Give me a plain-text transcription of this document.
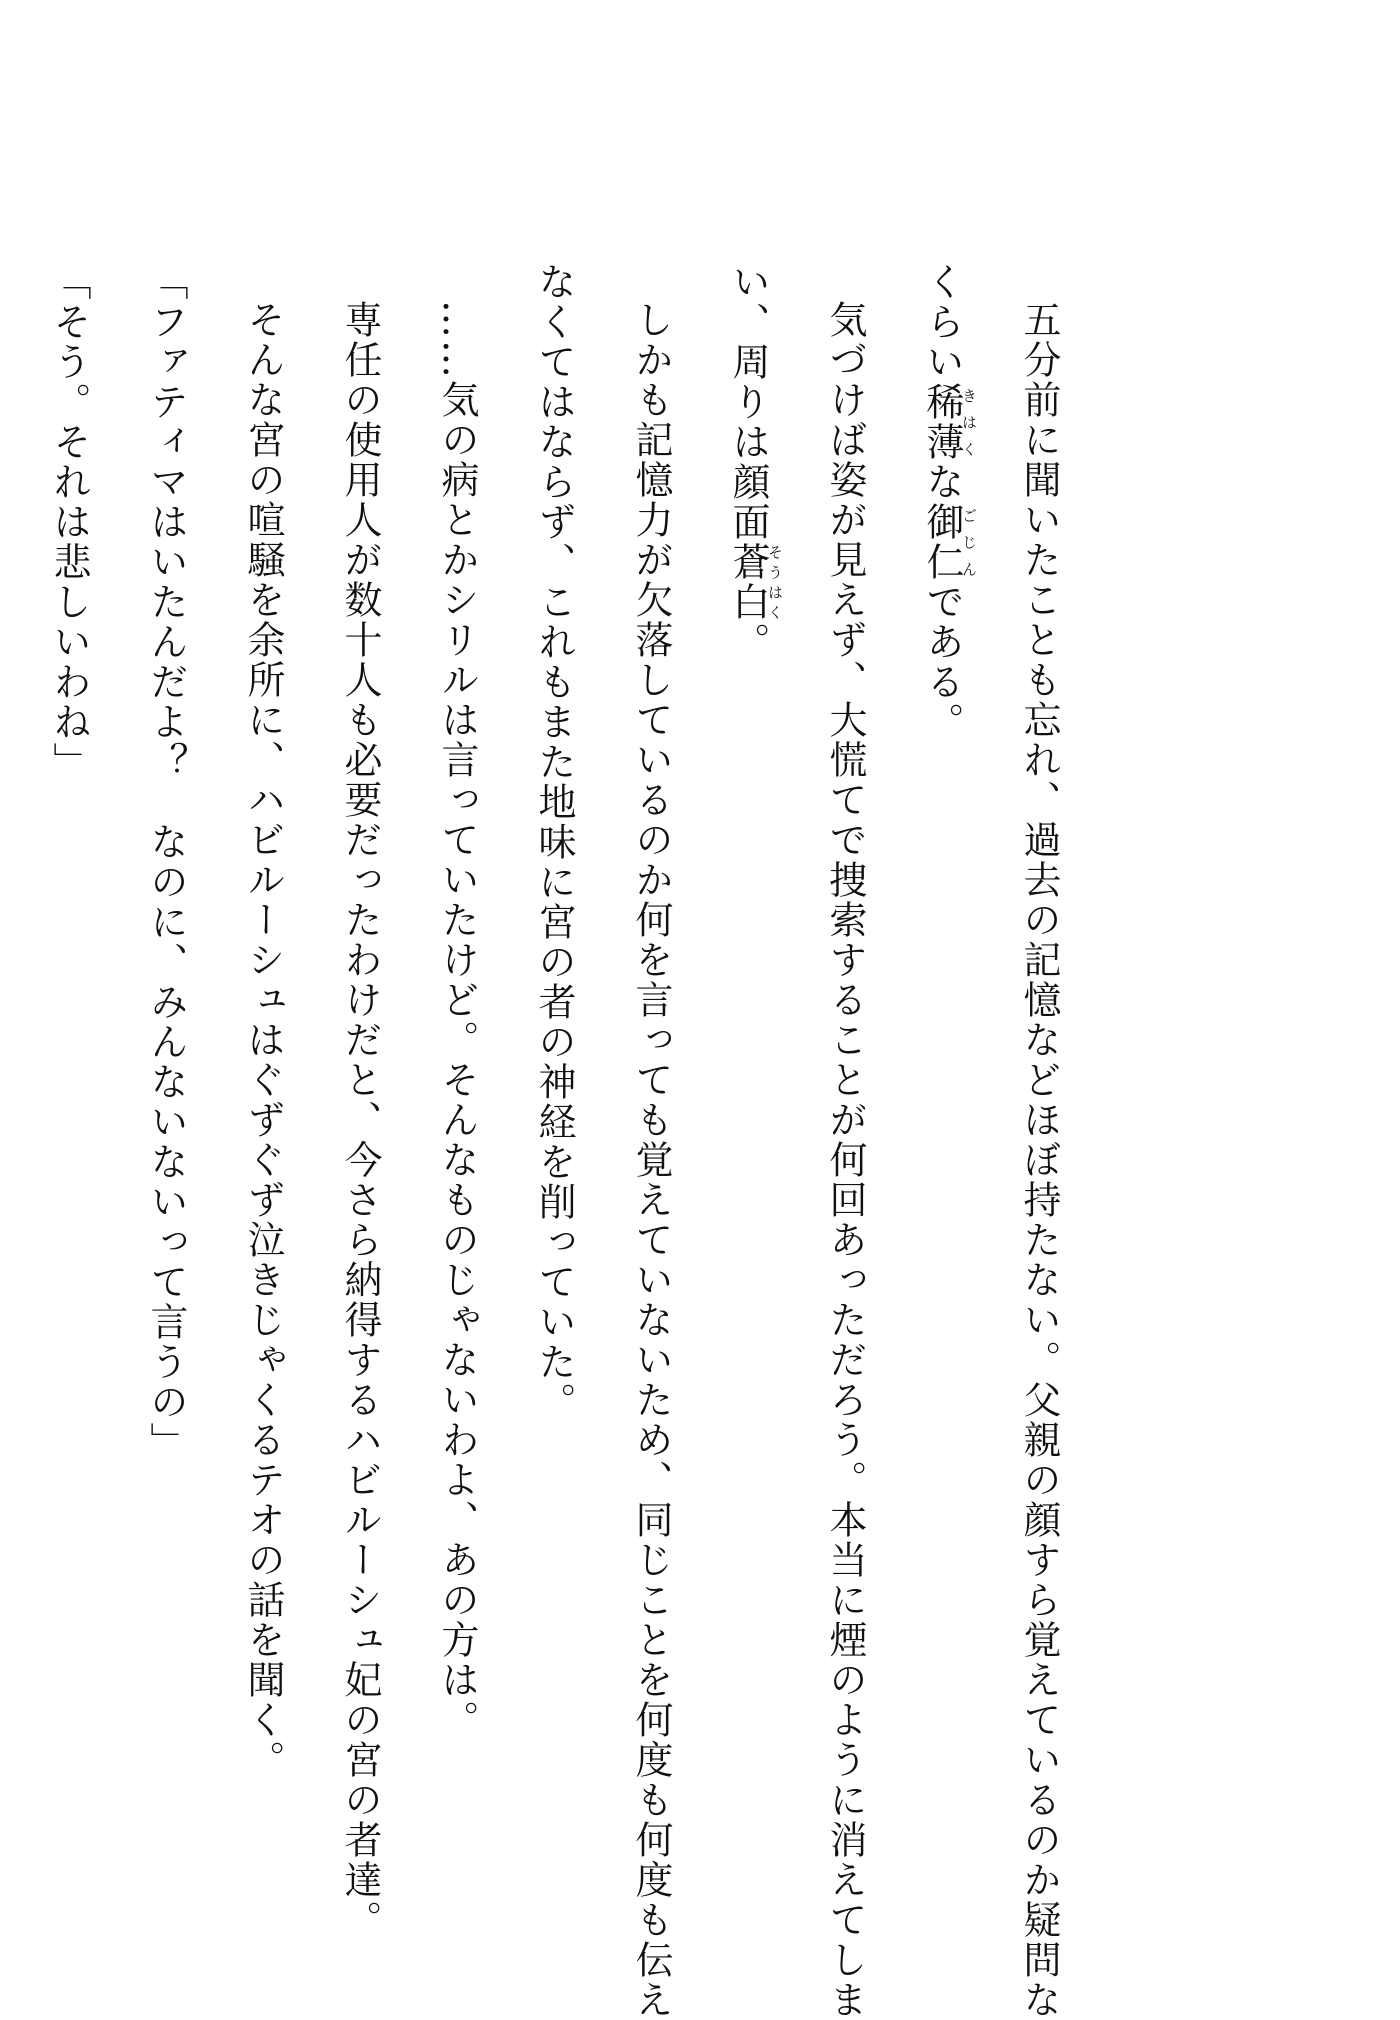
五分前に聞いたことも忘れ、過去の記憶などほぼ持たない。父親の顔すら覚えているのか疑問な
くらい稀薄きはくな御仁ごじんである。
気づけば姿が見えず、大慌てで捜索することが何回あっただろう。本当に煙のように消えてしま
い、周りは顔面蒼白そうはく。
しかも記憶力が欠落しているのか何を言っても覚えていないため、同じことを何度も何度も伝え
なくてはならず、これもまた地味に宮の者の神経を削っていた。
……気の病とかシリルは言っていたけど。そんなものじゃないわよ、あの方は。
専任の使用人が数十人も必要だったわけだと、今さら納得するハビルーシュ妃の宮の者達。
そんな宮の喧騒を余所に、ハビルーシュはぐずぐず泣きじゃくるテオの話を聞く。
「ファティマはいたんだよ？　なのに、みんないないって言うの」
「そう。それは悲しいわね」
